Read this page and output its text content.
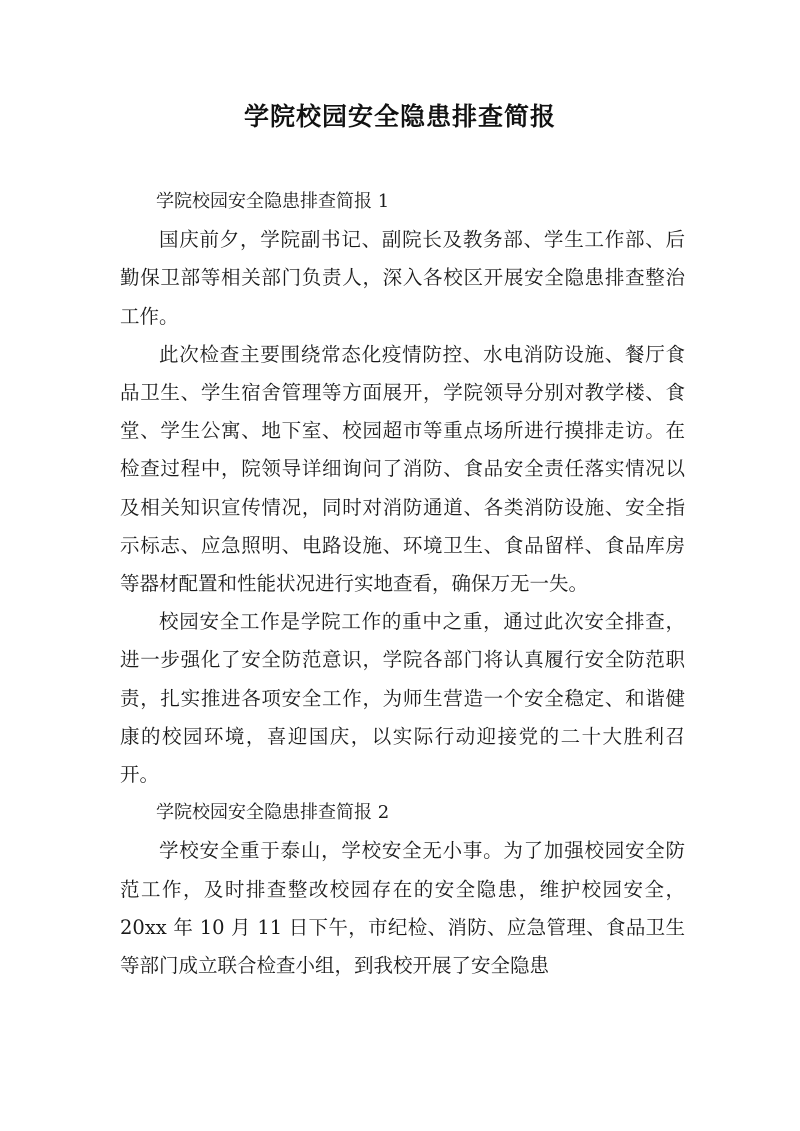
学院校园安全隐患排查简报

学院校园安全隐患排查简报 1

国庆前夕，学院副书记、副院长及教务部、学生工作部、后勤保卫部等相关部门负责人，深入各校区开展安全隐患排查整治工作。

此次检查主要围绕常态化疫情防控、水电消防设施、餐厅食品卫生、学生宿舍管理等方面展开，学院领导分别对教学楼、食堂、学生公寓、地下室、校园超市等重点场所进行摸排走访。在检查过程中，院领导详细询问了消防、食品安全责任落实情况以及相关知识宣传情况，同时对消防通道、各类消防设施、安全指示标志、应急照明、电路设施、环境卫生、食品留样、食品库房等器材配置和性能状况进行实地查看，确保万无一失。

校园安全工作是学院工作的重中之重，通过此次安全排查，进一步强化了安全防范意识，学院各部门将认真履行安全防范职责，扎实推进各项安全工作，为师生营造一个安全稳定、和谐健康的校园环境，喜迎国庆，以实际行动迎接党的二十大胜利召开。

学院校园安全隐患排查简报 2

学校安全重于泰山，学校安全无小事。为了加强校园安全防范工作，及时排查整改校园存在的安全隐患，维护校园安全，20xx 年 10 月 11 日下午，市纪检、消防、应急管理、食品卫生等部门成立联合检查小组，到我校开展了安全隐患
